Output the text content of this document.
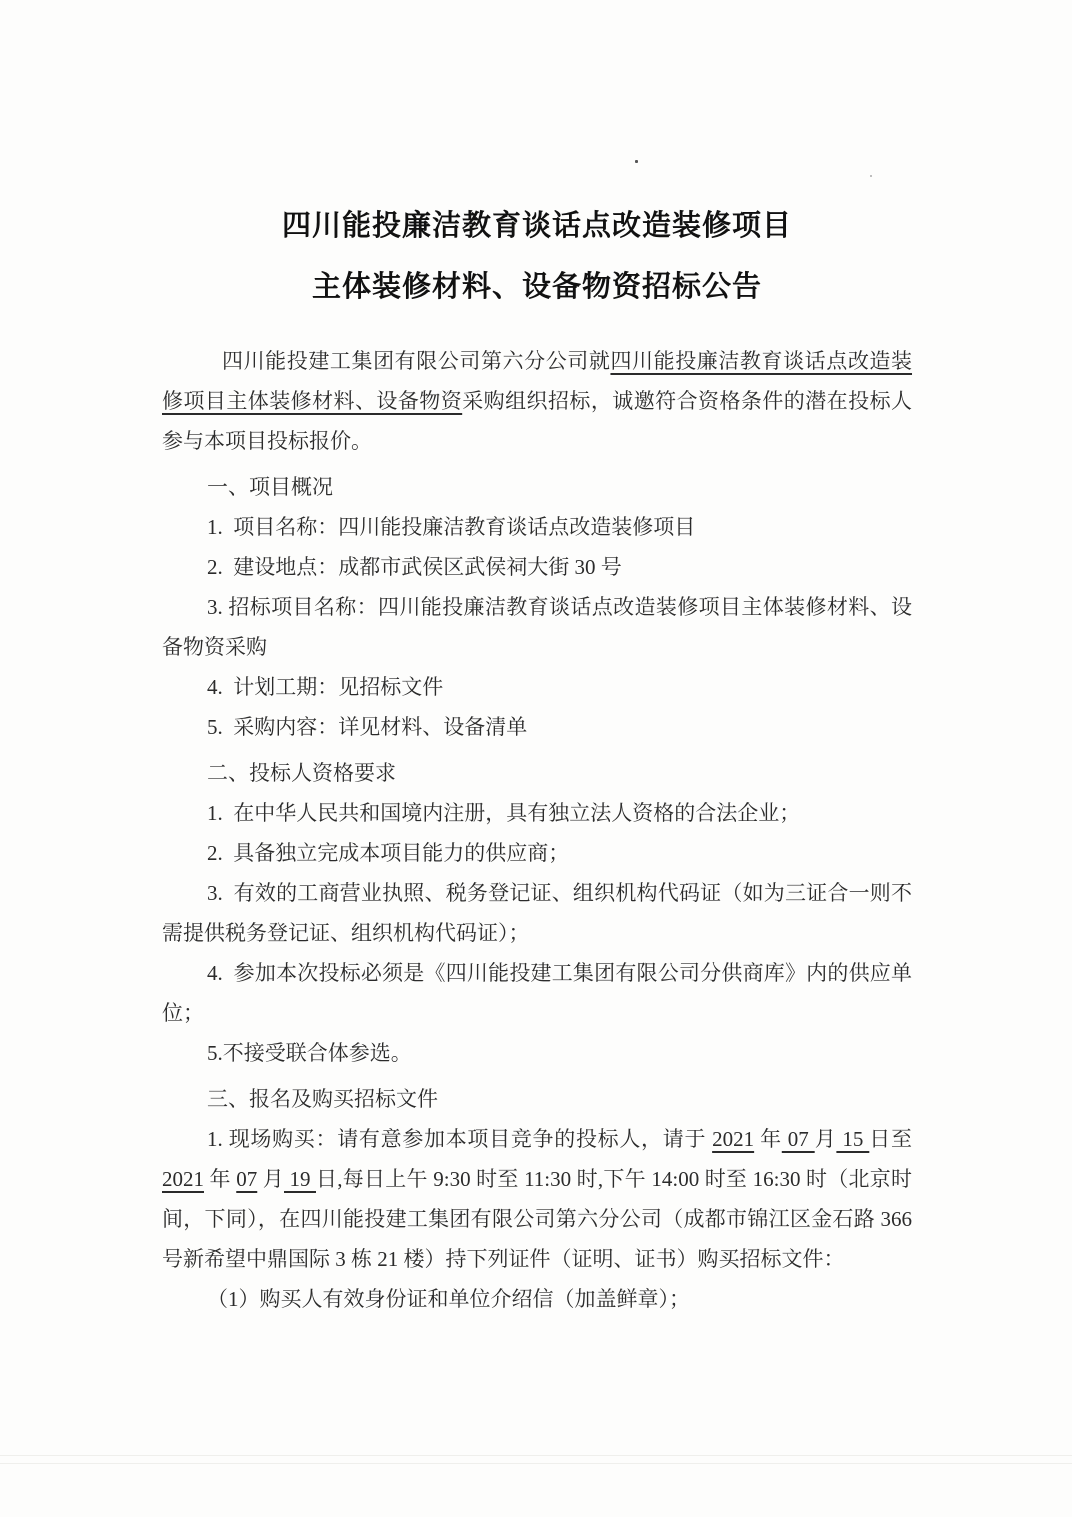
四川能投廉洁教育谈话点改造装修项目
主体装修材料、设备物资招标公告

四川能投建工集团有限公司第六分公司就四川能投廉洁教育谈话点改造装修项目主体装修材料、设备物资采购组织招标，诚邀符合资格条件的潜在投标人参与本项目投标报价。

一、项目概况

1.  项目名称：四川能投廉洁教育谈话点改造装修项目

2.  建设地点：成都市武侯区武侯祠大街 30 号

3. 招标项目名称：四川能投廉洁教育谈话点改造装修项目主体装修材料、设备物资采购

4.  计划工期：见招标文件

5.  采购内容：详见材料、设备清单

二、投标人资格要求

1.  在中华人民共和国境内注册，具有独立法人资格的合法企业；

2.  具备独立完成本项目能力的供应商；

3.  有效的工商营业执照、税务登记证、组织机构代码证（如为三证合一则不需提供税务登记证、组织机构代码证）；

4.  参加本次投标必须是《四川能投建工集团有限公司分供商库》内的供应单位；

5.不接受联合体参选。

三、报名及购买招标文件

1. 现场购买：请有意参加本项目竞争的投标人，请于 2021 年 07 月 15 日至2021 年 07 月 19 日,每日上午 9:30 时至 11:30 时,下午 14:00 时至 16:30 时（北京时间，下同），在四川能投建工集团有限公司第六分公司（成都市锦江区金石路 366 号新希望中鼎国际 3 栋 21 楼）持下列证件（证明、证书）购买招标文件：

（1）购买人有效身份证和单位介绍信（加盖鲜章）；
